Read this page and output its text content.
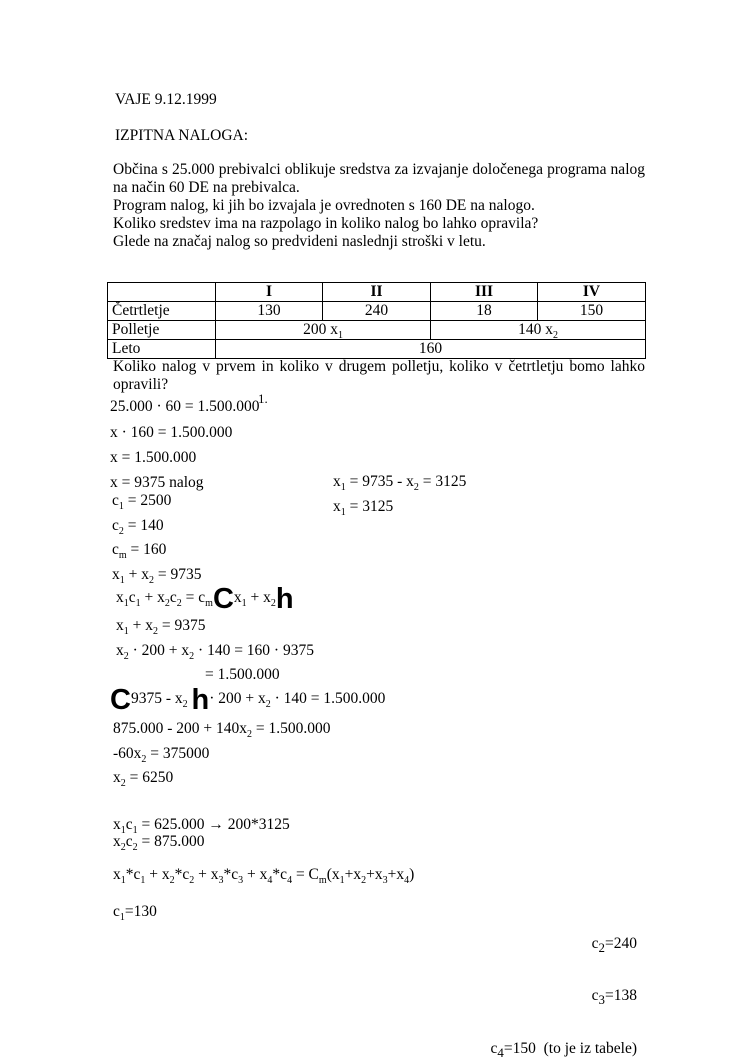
VAJE 9.12.1999
IZPITNA NALOGA:
Občina s 25.000 prebivalci oblikuje sredstva za izvajanje določenega programa nalog
na način 60 DE na prebivalca.
Program nalog, ki jih bo izvajala je ovrednoten s 160 DE na nalogo.
Koliko sredstev ima na razpolago in koliko nalog bo lahko opravila?
Glede na značaj nalog so predvideni naslednji stroški v letu.
	I	II	III	IV
Četrtletje	130	240	18	150
Polletje	200 $x_1$		140 $x_2$
Leto	160			
Koliko nalog v prvem in koliko v drugem polletju, koliko v četrtletju bomo lahko
opravili?
1.
25.000 · 60 = 1.500.000
x · 160 = 1.500.000
x = 1.500.000
x = 9375 nalog
$c_1 = 2500$
$c_2 = 140$
$c_m = 160$
$x_1 + x_2 = 9735$
$x_1 = 9735 - x_2 = 3125$
$x_1 = 3125$
$x_1c_1 + x_2c_2 = c_mCx_1 + x_2h$
$x_1 + x_2 = 9375$
$x_2 \cdot 200 + x_2 \cdot 140 = 160 \cdot 9375$
= 1.500.000
$C9375 - x_2$ $h\cdot 200 + x_2 \cdot 140 = 1.500.000$
$875.000 - 200 + 140x_2 = 1.500.000$
$-60x_2 = 375000$
$x_2 = 6250$
$x_1c_1 = 625.000 \to 200*3125$
$x_2c_2 = 875.000$
$x_1*c_1 + x_2*c_2 + x_3*c_3 + x_4*c_4 = C_m(x_1+x_2+x_3+x_4)$
$c_1=130$

$c_2=240$

$c_3=138$

$c_4=150$  (to je iz tabele)
